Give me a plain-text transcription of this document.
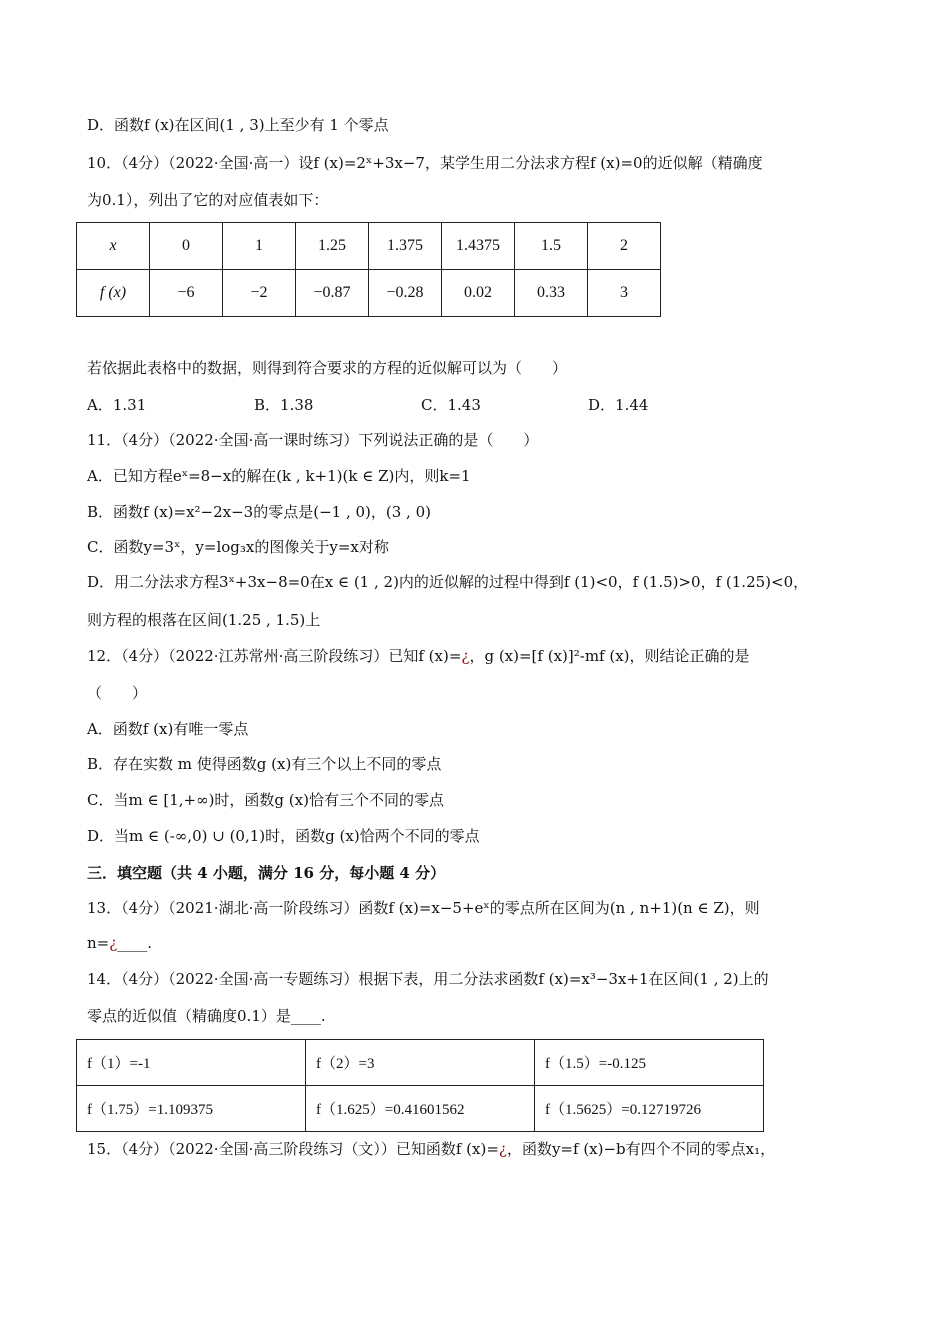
D．函数f (x)在区间(1 , 3)上至少有 1 个零点
10．（4分）（2022·全国·高一）设f (x)=2ˣ+3x−7，某学生用二分法求方程f (x)=0的近似解（精确度
为0.1），列出了它的对应值表如下：
x	0	1	1.25	1.375	1.4375	1.5	2
f (x)	−6	−2	−0.87	−0.28	0.02	0.33	3
若依据此表格中的数据，则得到符合要求的方程的近似解可以为（　　）
A．1.31	B．1.38	C．1.43	D．1.44
11．（4分）（2022·全国·高一课时练习）下列说法正确的是（　　）
A．已知方程eˣ=8−x的解在(k , k+1)(k ∈ Z)内，则k=1
B．函数f (x)=x²−2x−3的零点是(−1 , 0)，(3 , 0)
C．函数y=3ˣ，y=log₃x的图像关于y=x对称
D．用二分法求方程3ˣ+3x−8=0在x ∈ (1 , 2)内的近似解的过程中得到f (1)<0，f (1.5)>0，f (1.25)<0，
则方程的根落在区间(1.25 , 1.5)上
12．（4分）（2022·江苏常州·高三阶段练习）已知f (x)=¿，g (x)=[f (x)]²-mf (x)，则结论正确的是
（　　）
A．函数f (x)有唯一零点
B．存在实数 m 使得函数g (x)有三个以上不同的零点
C．当m ∈ [1,+∞)时，函数g (x)恰有三个不同的零点
D．当m ∈ (-∞,0) ∪ (0,1)时，函数g (x)恰两个不同的零点
三．填空题（共 4 小题，满分 16 分，每小题 4 分）
13．（4分）（2021·湖北·高一阶段练习）函数f (x)=x−5+eˣ的零点所在区间为(n , n+1)(n ∈ Z)，则
n=¿____.
14．（4分）（2022·全国·高一专题练习）根据下表，用二分法求函数f (x)=x³−3x+1在区间(1 , 2)上的
零点的近似值（精确度0.1）是____.
f（1）=-1	f（2）=3	f（1.5）=-0.125
f（1.75）=1.109375	f（1.625）=0.41601562	f（1.5625）=0.12719726
15．（4分）（2022·全国·高三阶段练习（文））已知函数f (x)=¿，函数y=f (x)−b有四个不同的零点x₁，
